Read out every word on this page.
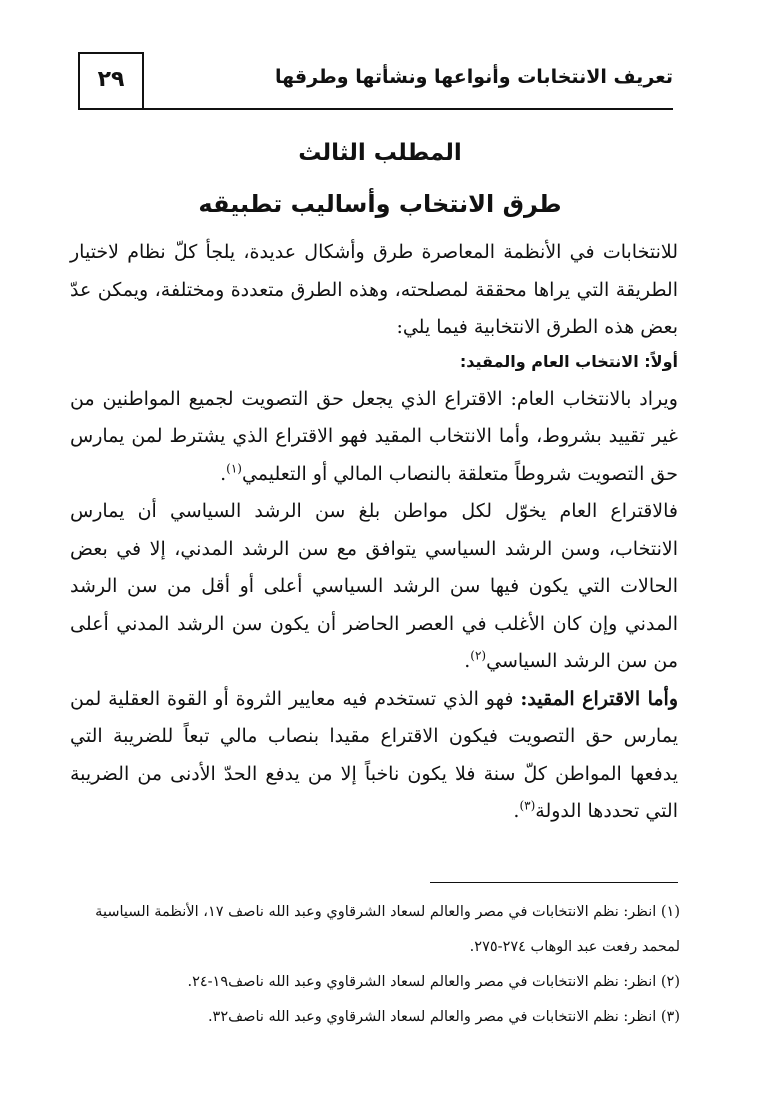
٢٩	تعريف الانتخابات وأنواعها ونشأتها وطرقها
المطلب الثالث
طرق الانتخاب وأساليب تطبيقه

للانتخابات في الأنظمة المعاصرة طرق وأشكال عديدة، يلجأ كلّ نظام لاختيار الطريقة التي يراها محققة لمصلحته، وهذه الطرق متعددة ومختلفة، ويمكن عدّ بعض هذه الطرق الانتخابية فيما يلي:

أولاً: الانتخاب العام والمقيد:

ويراد بالانتخاب العام: الاقتراع الذي يجعل حق التصويت لجميع المواطنين من غير تقييد بشروط، وأما الانتخاب المقيد فهو الاقتراع الذي يشترط لمن يمارس حق التصويت شروطاً متعلقة بالنصاب المالي أو التعليمي$^{(١)}$.

فالاقتراع العام يخوّل لكل مواطن بلغ سن الرشد السياسي أن يمارس الانتخاب، وسن الرشد السياسي يتوافق مع سن الرشد المدني، إلا في بعض الحالات التي يكون فيها سن الرشد السياسي أعلى أو أقل من سن الرشد المدني وإن كان الأغلب في العصر الحاضر أن يكون سن الرشد المدني أعلى من سن الرشد السياسي$^{(٢)}$.

وأما الاقتراع المقيد: فهو الذي تستخدم فيه معايير الثروة أو القوة العقلية لمن يمارس حق التصويت فيكون الاقتراع مقيدا بنصاب مالي تبعاً للضريبة التي يدفعها المواطن كلّ سنة فلا يكون ناخباً إلا من يدفع الحدّ الأدنى من الضريبة التي تحددها الدولة$^{(٣)}$.

(١) انظر: نظم الانتخابات في مصر والعالم لسعاد الشرقاوي وعبد الله ناصف ١٧، الأنظمة السياسية لمحمد رفعت عبد الوهاب ٢٧٤-٢٧٥.

(٢) انظر: نظم الانتخابات في مصر والعالم لسعاد الشرقاوي وعبد الله ناصف١٩-٢٤.

(٣) انظر: نظم الانتخابات في مصر والعالم لسعاد الشرقاوي وعبد الله ناصف٣٢.
